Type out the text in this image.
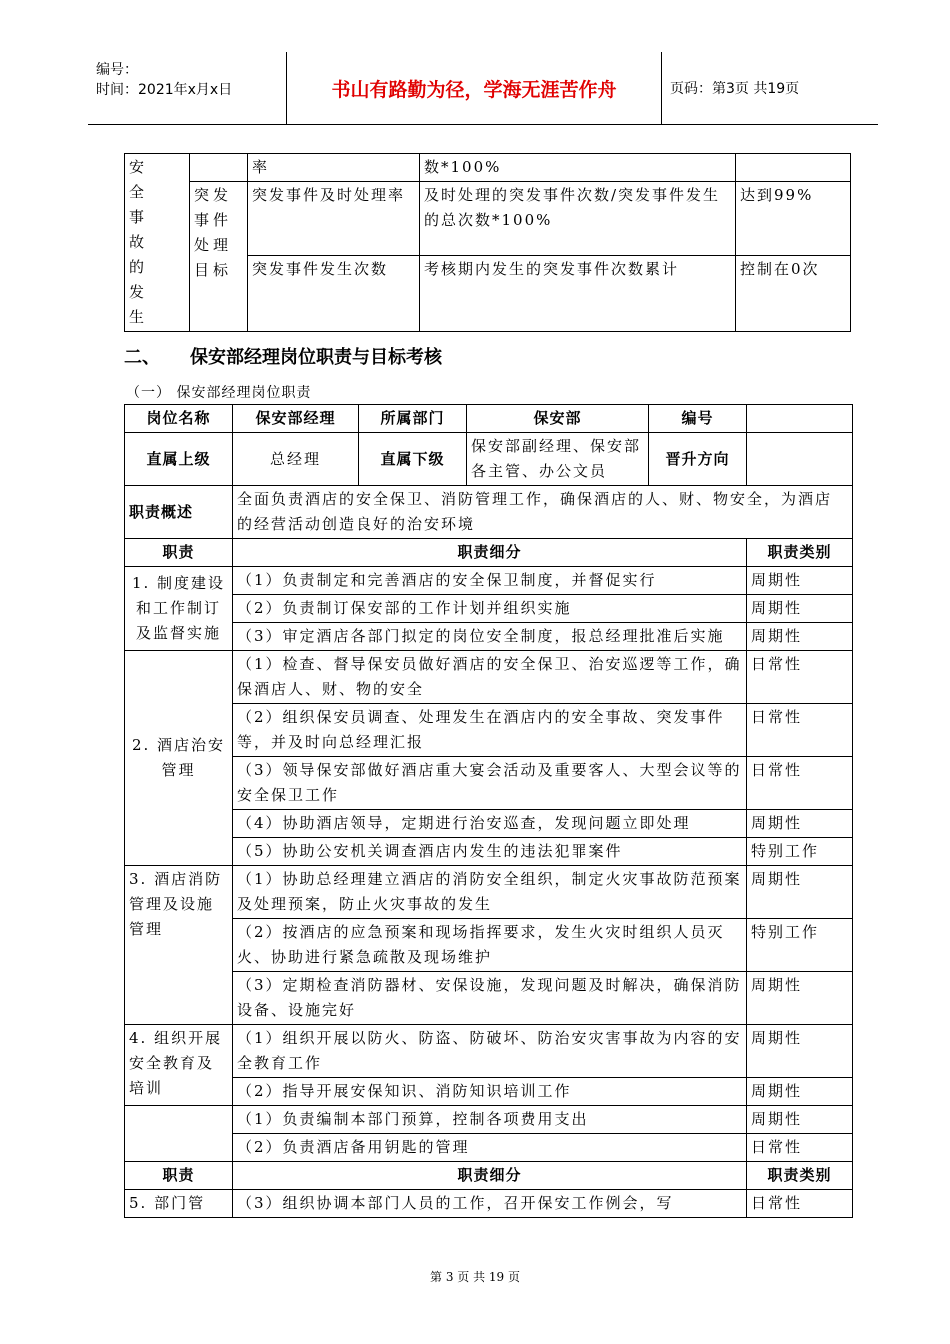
编号：
时间：2021年x月x日	书山有路勤为径，学海无涯苦作舟	页码：第3页 共19页
安全事故的发生		率	数*100%	
	突发事件处理目标	突发事件及时处理率	及时处理的突发事件次数/突发事件发生的总次数*100%	达到99%
		突发事件发生次数	考核期内发生的突发事件次数累计	控制在0次
二、 保安部经理岗位职责与目标考核
（一） 保安部经理岗位职责
岗位名称	保安部经理	所属部门	保安部	编号	
直属上级	总经理	直属下级	保安部副经理、保安部各主管、办公文员	晋升方向	
职责概述	全面负责酒店的安全保卫、消防管理工作，确保酒店的人、财、物安全，为酒店的经营活动创造良好的治安环境				
职责	职责细分				职责类别
1. 制度建设和工作制订及监督实施	（1）负责制定和完善酒店的安全保卫制度，并督促实行				周期性
	（2）负责制订保安部的工作计划并组织实施				周期性
	（3）审定酒店各部门拟定的岗位安全制度，报总经理批准后实施				周期性
2. 酒店治安管理	（1）检查、督导保安员做好酒店的安全保卫、治安巡逻等工作，确保酒店人、财、物的安全				日常性
	（2）组织保安员调查、处理发生在酒店内的安全事故、突发事件等，并及时向总经理汇报				日常性
	（3）领导保安部做好酒店重大宴会活动及重要客人、大型会议等的安全保卫工作				日常性
	（4）协助酒店领导，定期进行治安巡查，发现问题立即处理				周期性
	（5）协助公安机关调查酒店内发生的违法犯罪案件				特别工作
3. 酒店消防管理及设施管理	（1）协助总经理建立酒店的消防安全组织，制定火灾事故防范预案及处理预案，防止火灾事故的发生				周期性
	（2）按酒店的应急预案和现场指挥要求，发生火灾时组织人员灭火、协助进行紧急疏散及现场维护				特别工作
	（3）定期检查消防器材、安保设施，发现问题及时解决，确保消防设备、设施完好				周期性
4. 组织开展安全教育及培训	（1）组织开展以防火、防盗、防破坏、防治安灾害事故为内容的安全教育工作				周期性
	（2）指导开展安保知识、消防知识培训工作				周期性
	（1）负责编制本部门预算，控制各项费用支出				周期性
	（2）负责酒店备用钥匙的管理				日常性
职责	职责细分				职责类别
5. 部门管	（3）组织协调本部门人员的工作，召开保安工作例会，写				日常性
第 3 页 共 19 页
